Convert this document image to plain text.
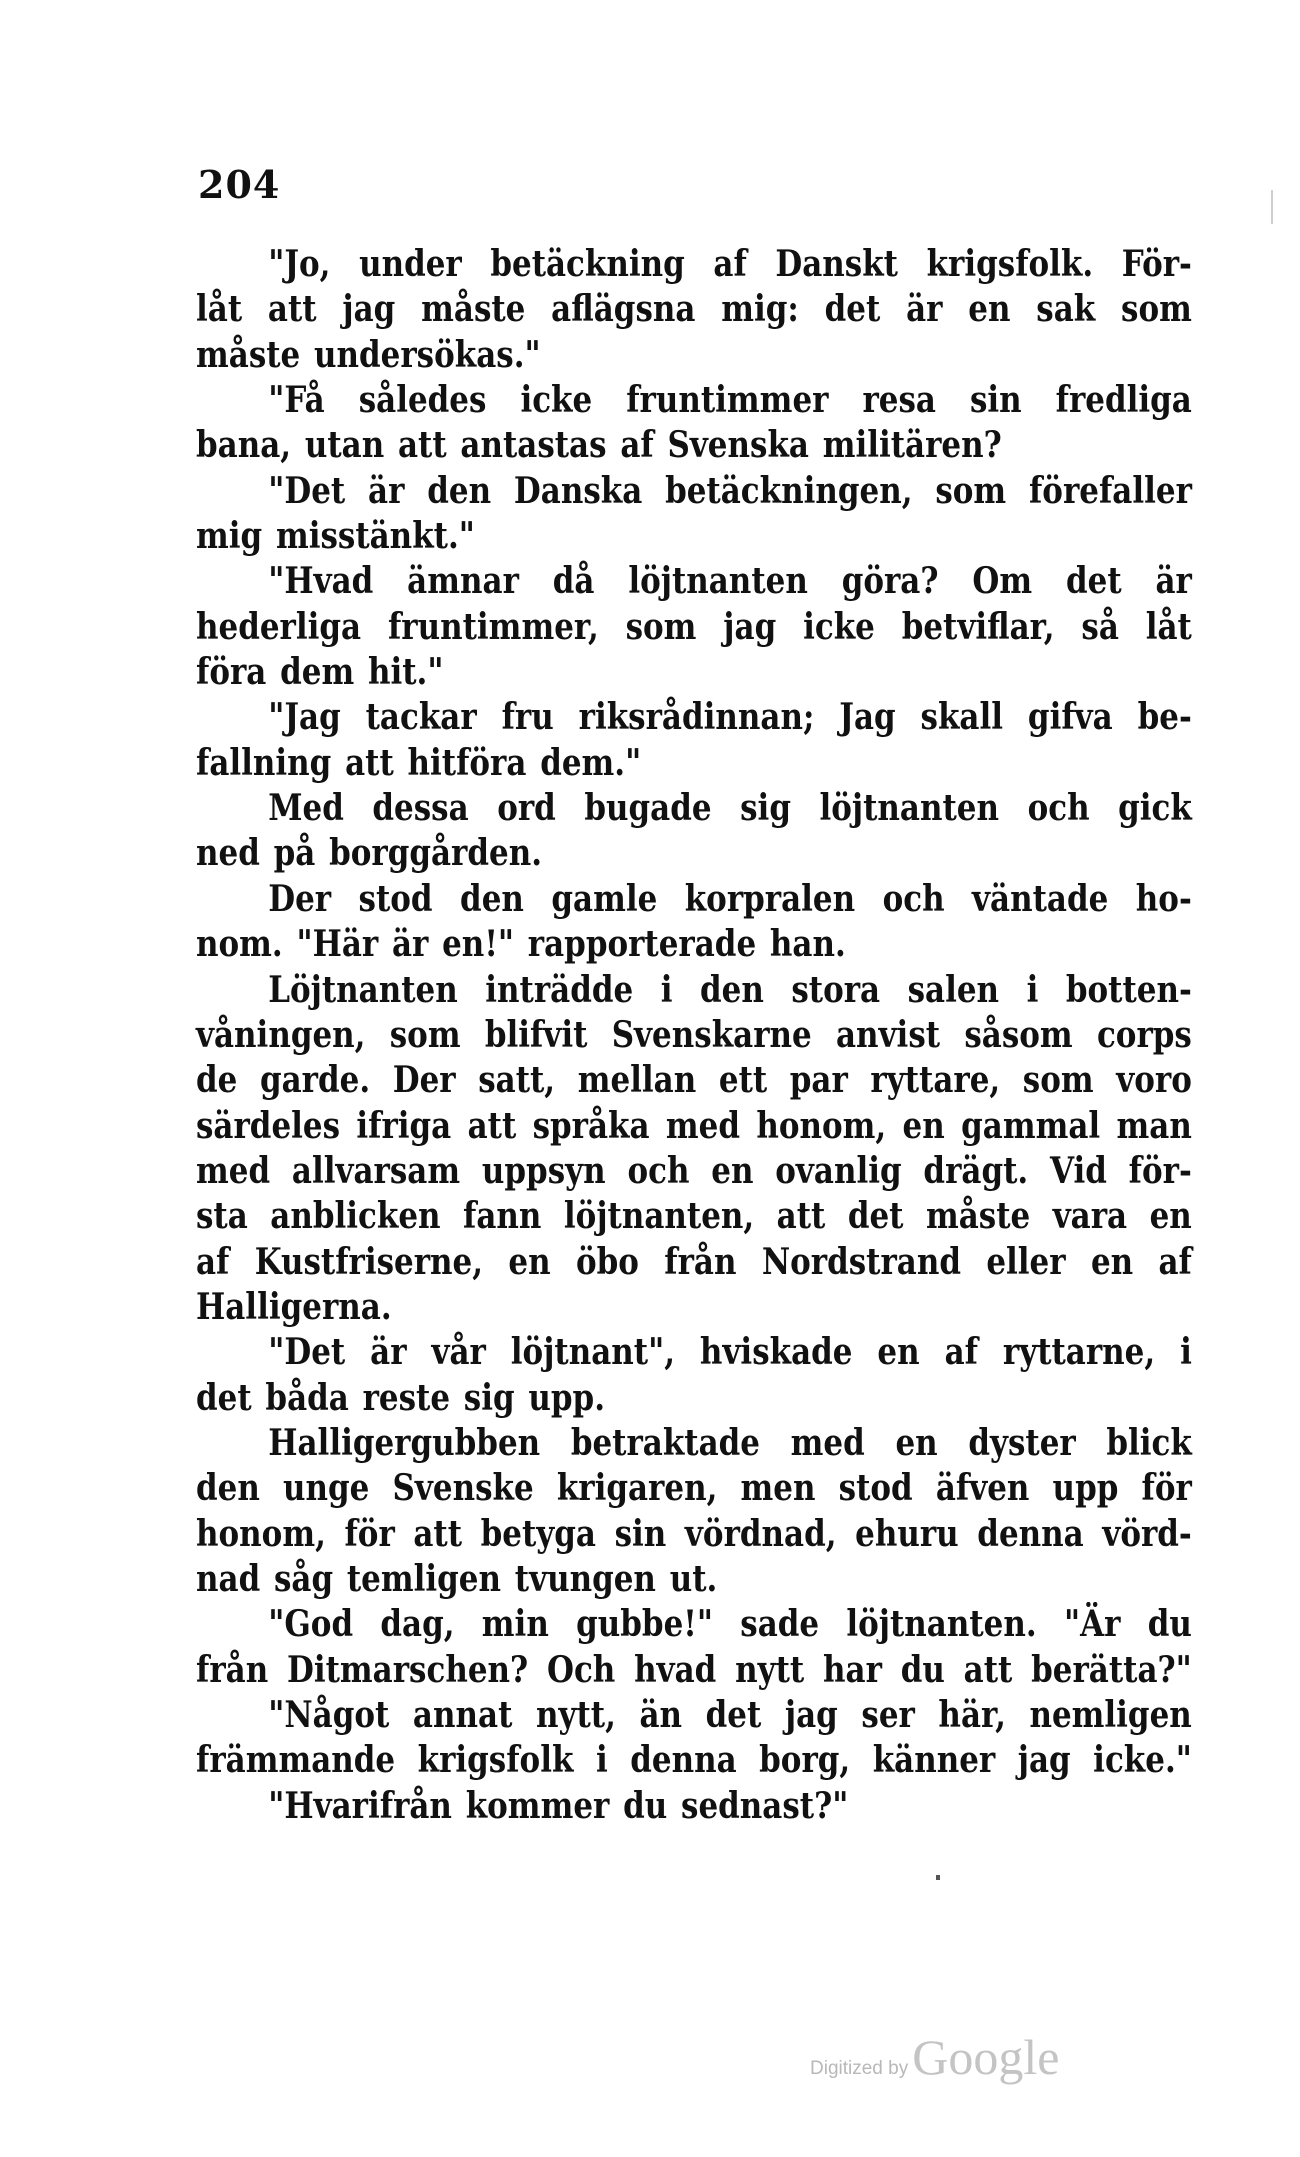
204
"Jo, under betäckning af Danskt krigsfolk. För-
låt att jag måste aflägsna mig: det är en sak som
måste undersökas."
"Få således icke fruntimmer resa sin fredliga
bana, utan att antastas af Svenska militären?
"Det är den Danska betäckningen, som förefaller
mig misstänkt."
"Hvad ämnar då löjtnanten göra? Om det är
hederliga fruntimmer, som jag icke betviflar, så låt
föra dem hit."
"Jag tackar fru riksrådinnan; Jag skall gifva be-
fallning att hitföra dem."
Med dessa ord bugade sig löjtnanten och gick
ned på borggården.
Der stod den gamle korpralen och väntade ho-
nom. "Här är en!" rapporterade han.
Löjtnanten inträdde i den stora salen i botten-
våningen, som blifvit Svenskarne anvist såsom corps
de garde. Der satt, mellan ett par ryttare, som voro
särdeles ifriga att språka med honom, en gammal man
med allvarsam uppsyn och en ovanlig drägt. Vid för-
sta anblicken fann löjtnanten, att det måste vara en
af Kustfriserne, en öbo från Nordstrand eller en af
Halligerna.
"Det är vår löjtnant", hviskade en af ryttarne, i
det båda reste sig upp.
Halligergubben betraktade med en dyster blick
den unge Svenske krigaren, men stod äfven upp för
honom, för att betyga sin vördnad, ehuru denna vörd-
nad såg temligen tvungen ut.
"God dag, min gubbe!" sade löjtnanten. "Är du
från Ditmarschen? Och hvad nytt har du att berätta?"
"Något annat nytt, än det jag ser här, nemligen
främmande krigsfolk i denna borg, känner jag icke."
"Hvarifrån kommer du sednast?"
Digitized by Google
